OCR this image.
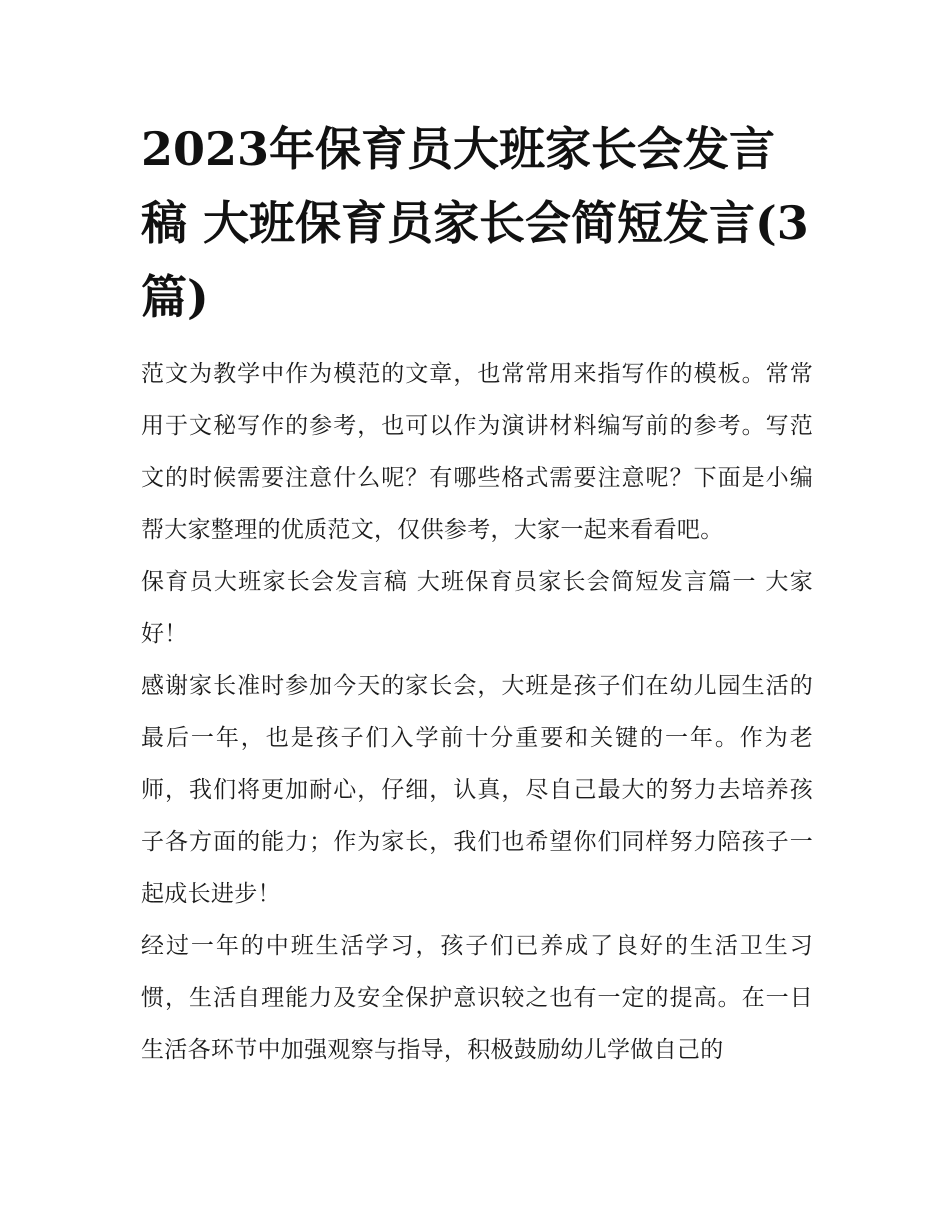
2023年保育员大班家长会发言稿 大班保育员家长会简短发言(3篇)

范文为教学中作为模范的文章，也常常用来指写作的模板。常常用于文秘写作的参考，也可以作为演讲材料编写前的参考。写范文的时候需要注意什么呢？有哪些格式需要注意呢？下面是小编帮大家整理的优质范文，仅供参考，大家一起来看看吧。

保育员大班家长会发言稿 大班保育员家长会简短发言篇一 大家好！

感谢家长准时参加今天的家长会，大班是孩子们在幼儿园生活的最后一年，也是孩子们入学前十分重要和关键的一年。作为老师，我们将更加耐心，仔细，认真，尽自己最大的努力去培养孩子各方面的能力；作为家长，我们也希望你们同样努力陪孩子一起成长进步！

经过一年的中班生活学习，孩子们已养成了良好的生活卫生习惯，生活自理能力及安全保护意识较之也有一定的提高。在一日生活各环节中加强观察与指导，积极鼓励幼儿学做自己的
